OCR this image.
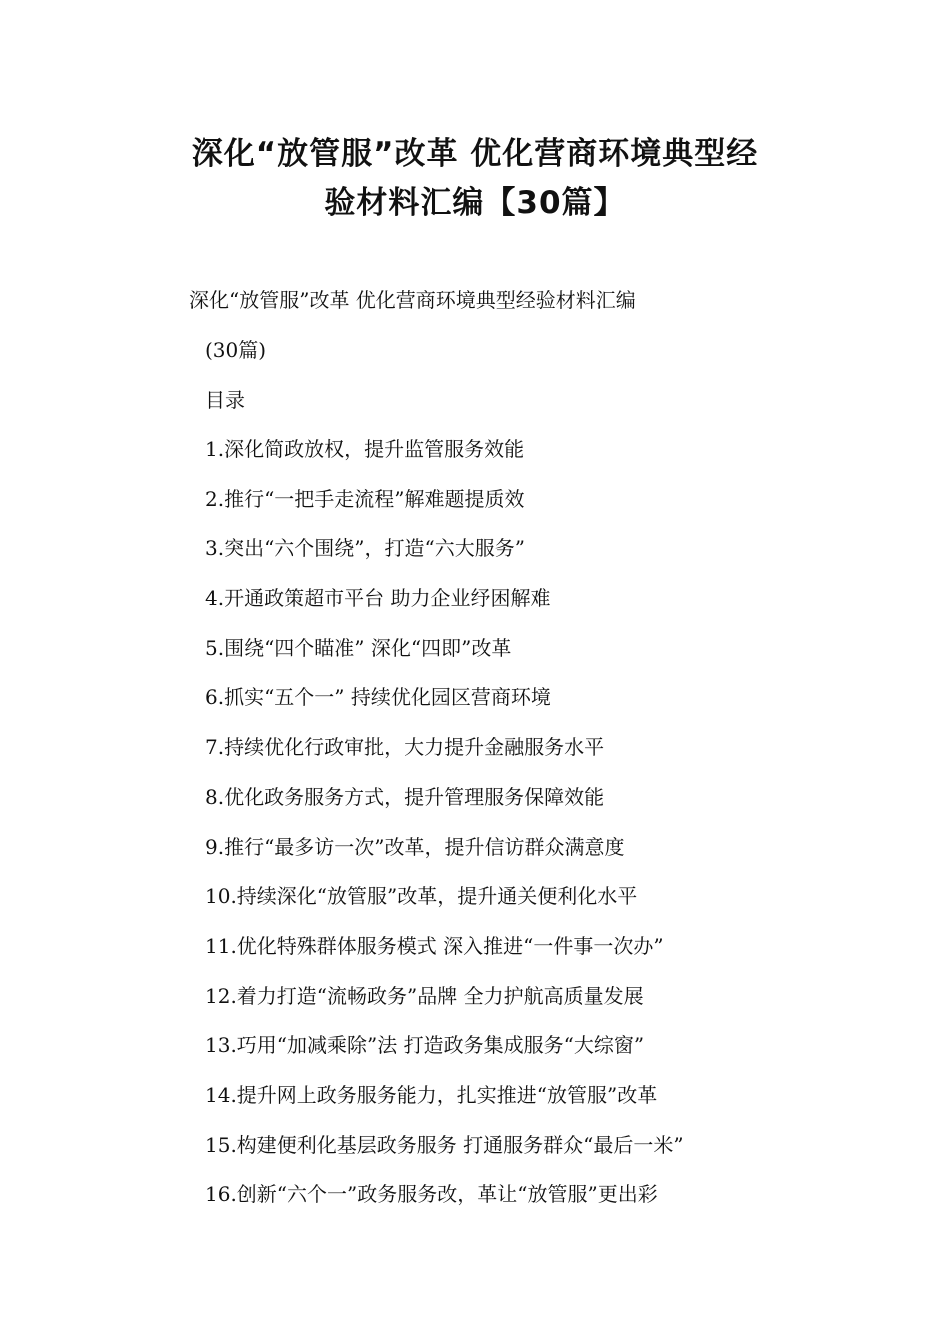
深化“放管服”改革 优化营商环境典型经
验材料汇编【30篇】
深化“放管服”改革 优化营商环境典型经验材料汇编
(30篇)
目录
1.深化简政放权，提升监管服务效能
2.推行“一把手走流程”解难题提质效
3.突出“六个围绕”，打造“六大服务”
4.开通政策超市平台 助力企业纾困解难
5.围绕“四个瞄准” 深化“四即”改革
6.抓实“五个一” 持续优化园区营商环境
7.持续优化行政审批，大力提升金融服务水平
8.优化政务服务方式，提升管理服务保障效能
9.推行“最多访一次”改革，提升信访群众满意度
10.持续深化“放管服”改革，提升通关便利化水平
11.优化特殊群体服务模式 深入推进“一件事一次办”
12.着力打造“流畅政务”品牌 全力护航高质量发展
13.巧用“加减乘除”法 打造政务集成服务“大综窗”
14.提升网上政务服务能力，扎实推进“放管服”改革
15.构建便利化基层政务服务 打通服务群众“最后一米”
16.创新“六个一”政务服务改，革让“放管服”更出彩
